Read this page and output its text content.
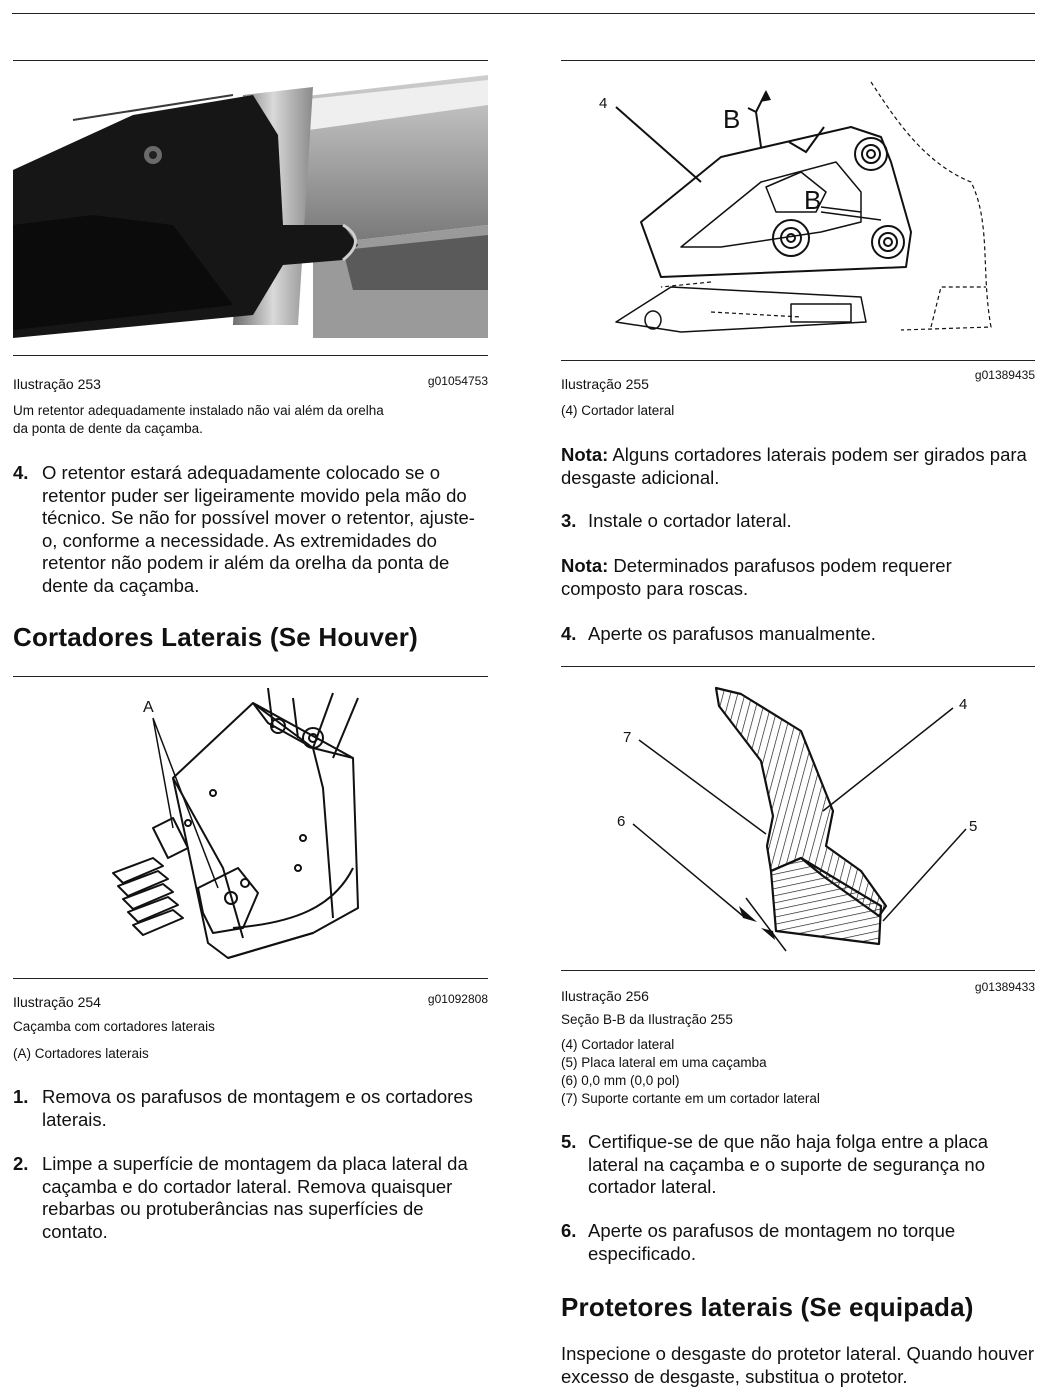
Ilustração 253	g01054753
Um retentor adequadamente instalado não vai além da orelha
da ponta de dente da caçamba.
4. O retentor estará adequadamente colocado se o retentor puder ser ligeiramente movido pela mão do técnico. Se não for possível mover o retentor, ajuste-o, conforme a necessidade. As extremidades do retentor não podem ir além da orelha da ponta de dente da caçamba.
Cortadores Laterais (Se Houver)
A
Ilustração 254	g01092808
Caçamba com cortadores laterais
(A) Cortadores laterais
1. Remova os parafusos de montagem e os cortadores laterais.
2. Limpe a superfície de montagem da placa lateral da caçamba e do cortador lateral. Remova quaisquer rebarbas ou protuberâncias nas superfícies de contato.
4
B
B
Ilustração 255
g01389435
(4) Cortador lateral
Nota: Alguns cortadores laterais podem ser girados para desgaste adicional.
3. Instale o cortador lateral.
Nota: Determinados parafusos podem requerer composto para roscas.
4. Aperte os parafusos manualmente.
7
4
5
6
Ilustração 256
g01389433
Seção B-B da Ilustração 255
(4) Cortador lateral
(5) Placa lateral em uma caçamba
(6) 0,0 mm (0,0 pol)
(7) Suporte cortante em um cortador lateral
5. Certifique-se de que não haja folga entre a placa lateral na caçamba e o suporte de segurança no cortador lateral.
6. Aperte os parafusos de montagem no torque especificado.
Protetores laterais (Se equipada)
Inspecione o desgaste do protetor lateral. Quando houver excesso de desgaste, substitua o protetor.
